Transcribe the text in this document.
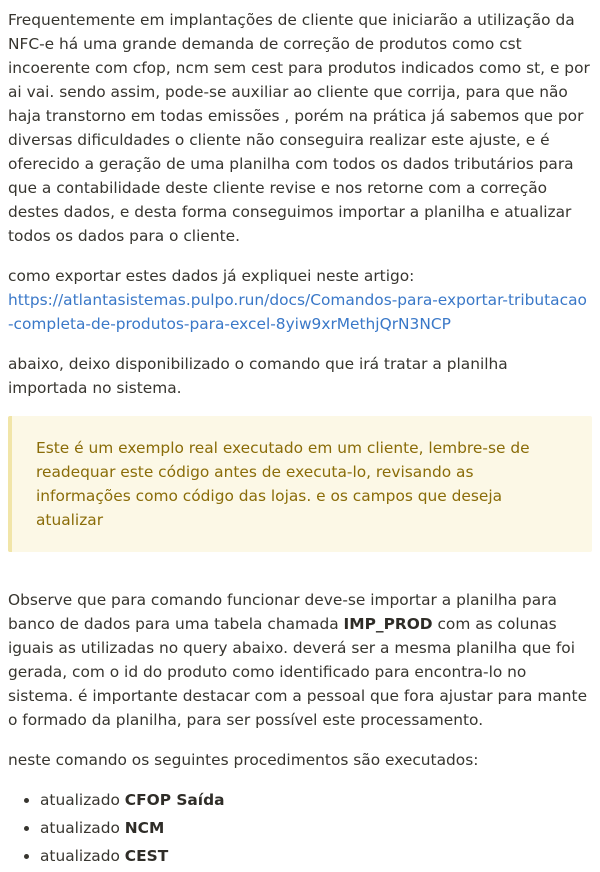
Frequentemente em implantações de cliente que iniciarão a utilização da NFC-e há uma grande demanda de correção de produtos como cst incoerente com cfop, ncm sem cest para produtos indicados como st, e por ai vai. sendo assim, pode-se auxiliar ao cliente que corrija, para que não haja transtorno em todas emissões , porém na prática já sabemos que por diversas dificuldades o cliente não conseguira realizar este ajuste, e é oferecido a geração de uma planilha com todos os dados tributários para que a contabilidade deste cliente revise e nos retorne com a correção destes dados, e desta forma conseguimos importar a planilha e atualizar todos os dados para o cliente.

como exportar estes dados já expliquei neste artigo:
https://atlantasistemas.pulpo.run/docs/Comandos-para-exportar-tributacao-completa-de-produtos-para-excel-8yiw9xrMethjQrN3NCP

abaixo, deixo disponibilizado o comando que irá tratar a planilha importada no sistema.

Este é um exemplo real executado em um cliente, lembre-se de readequar este código antes de executa-lo, revisando as informações como código das lojas. e os campos que deseja atualizar

Observe que para comando funcionar deve-se importar a planilha para banco de dados para uma tabela chamada IMP_PROD com as colunas iguais as utilizadas no query abaixo. deverá ser a mesma planilha que foi gerada, com o id do produto como identificado para encontra-lo no sistema. é importante destacar com a pessoal que fora ajustar para mante o formado da planilha, para ser possível este processamento.

neste comando os seguintes procedimentos são executados:

• atualizado CFOP Saída
• atualizado NCM
• atualizado CEST
